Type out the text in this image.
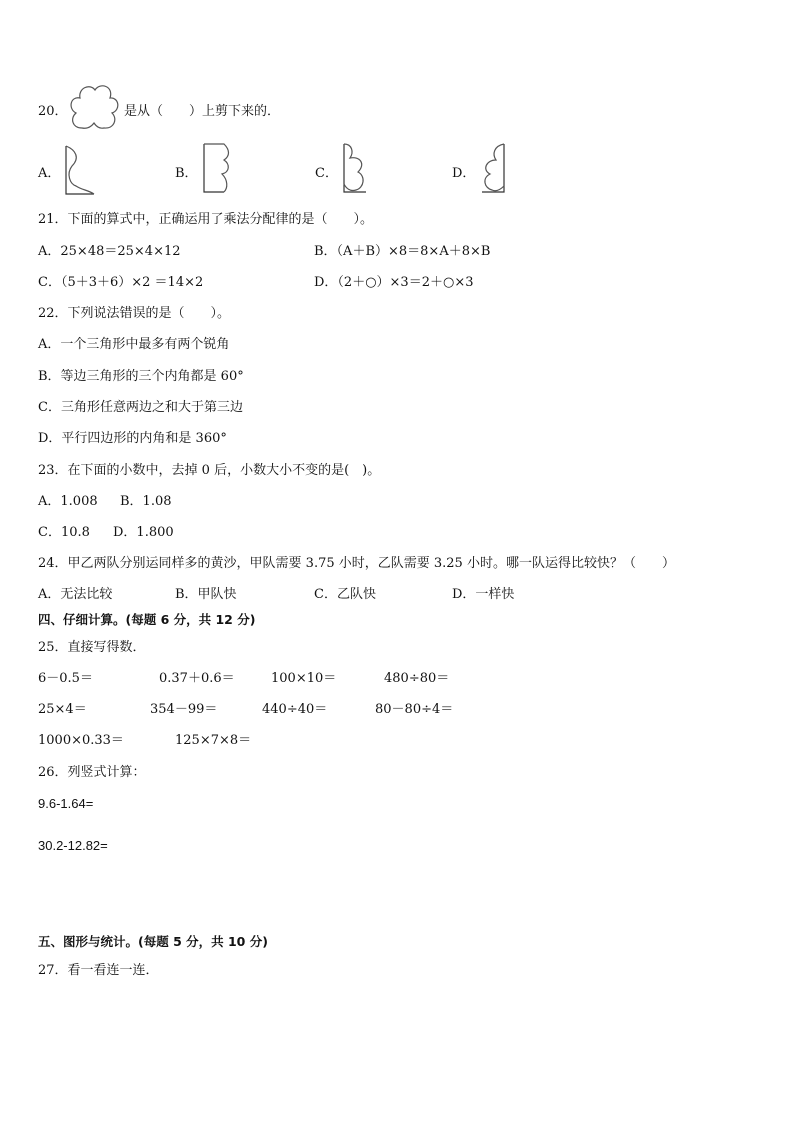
20．	是从（　　）上剪下来的．
A．	B．	C．	D．
21．下面的算式中，正确运用了乘法分配律的是（　　）。
A．25×48＝25×4×12	B．（A＋B）×8＝8×A＋8×B
C．（5＋3＋6）×2 ＝14×2	D．（2＋○）×3＝2＋○×3
22．下列说法错误的是（　　）。
A．一个三角形中最多有两个锐角
B．等边三角形的三个内角都是 60°
C．三角形任意两边之和大于第三边
D．平行四边形的内角和是 360°
23．在下面的小数中，去掉 0 后，小数大小不变的是(　)。
A．1.008 B．1.08
C．10.8 D．1.800
24．甲乙两队分别运同样多的黄沙，甲队需要 3.75 小时，乙队需要 3.25 小时。哪一队运得比较快？（　　）
A．无法比较	B．甲队快	C．乙队快	D．一样快
四、仔细计算。(每题 6 分，共 12 分)
25．直接写得数．
6－0.5＝	0.37＋0.6＝	100×10＝	480÷80＝
25×4＝	354－99＝	440÷40＝	80－80÷4＝
1000×0.33＝	125×7×8＝
26．列竖式计算：
9.6-1.64=
30.2-12.82=
五、图形与统计。(每题 5 分，共 10 分)
27．看一看连一连．
